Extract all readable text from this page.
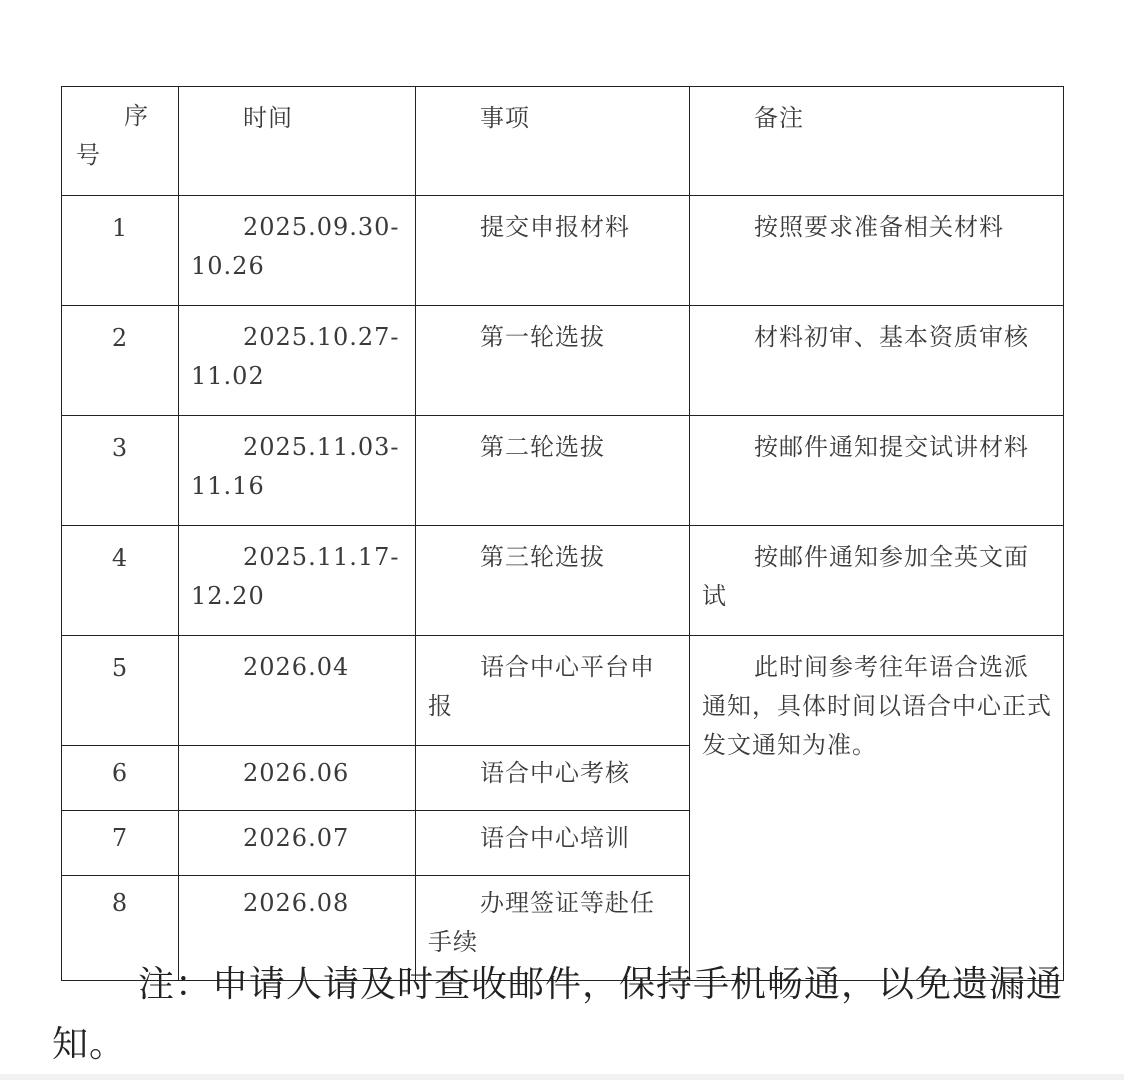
序号	时间	事项	备注
1	2025.09.30-10.26	提交申报材料	按照要求准备相关材料
2	2025.10.27-11.02	第一轮选拔	材料初审、基本资质审核
3	2025.11.03-11.16	第二轮选拔	按邮件通知提交试讲材料
4	2025.11.17-12.20	第三轮选拔	按邮件通知参加全英文面试
5	2026.04	语合中心平台申报	此时间参考往年语合选派通知，具体时间以语合中心正式发文通知为准。
6	2026.06	语合中心考核	
7	2026.07	语合中心培训	
8	2026.08	办理签证等赴任手续	

注：申请人请及时查收邮件，保持手机畅通，以免遗漏通知。
